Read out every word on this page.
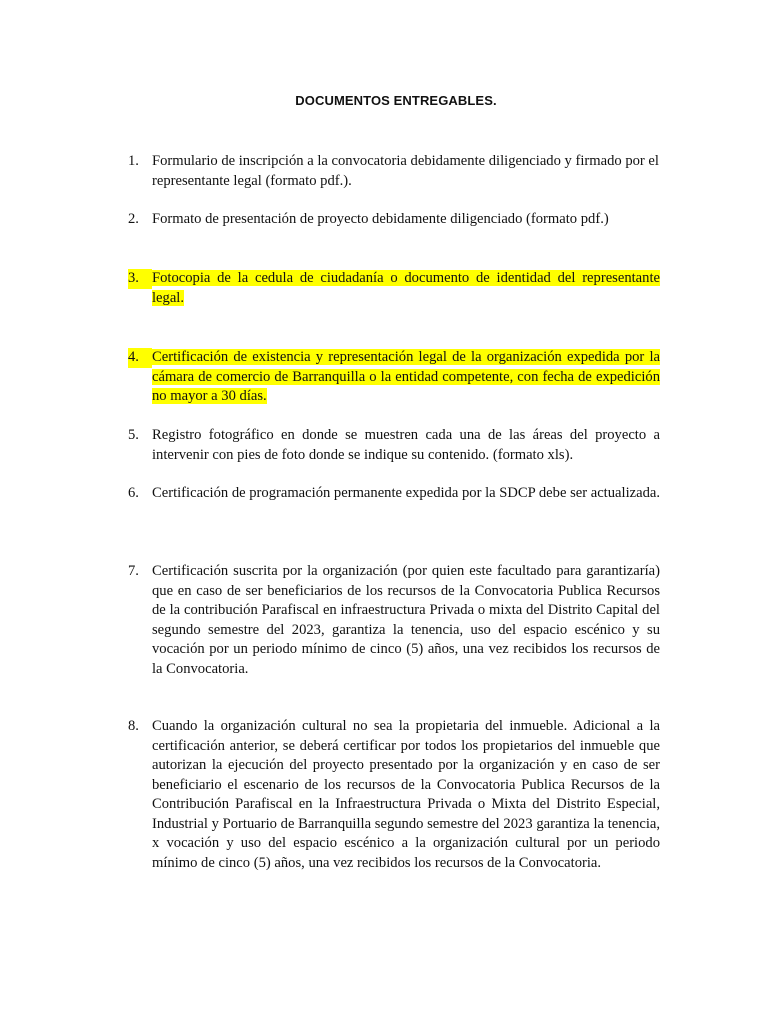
DOCUMENTOS ENTREGABLES.
1. Formulario de inscripción a la convocatoria debidamente diligenciado y firmado por el representante legal (formato pdf.).
2. Formato de presentación de proyecto debidamente diligenciado (formato pdf.)
3. Fotocopia de la cedula de ciudadanía o documento de identidad del representante legal.
4. Certificación de existencia y representación legal de la organización expedida por la cámara de comercio de Barranquilla o la entidad competente, con fecha de expedición no mayor a 30 días.
5. Registro fotográfico en donde se muestren cada una de las áreas del proyecto a intervenir con pies de foto donde se indique su contenido. (formato xls).
6. Certificación de programación permanente expedida por la SDCP debe ser actualizada.
7. Certificación suscrita por la organización (por quien este facultado para garantizaría) que en caso de ser beneficiarios de los recursos de la Convocatoria Publica Recursos de la contribución Parafiscal en infraestructura Privada o mixta del Distrito Capital del segundo semestre del 2023, garantiza la tenencia, uso del espacio escénico y su vocación por un periodo mínimo de cinco (5) años, una vez recibidos los recursos de la Convocatoria.
8. Cuando la organización cultural no sea la propietaria del inmueble. Adicional a la certificación anterior, se deberá certificar por todos los propietarios del inmueble que autorizan la ejecución del proyecto presentado por la organización y en caso de ser beneficiario el escenario de los recursos de la Convocatoria Publica Recursos de la Contribución Parafiscal en la Infraestructura Privada o Mixta del Distrito Especial, Industrial y Portuario de Barranquilla segundo semestre del 2023 garantiza la tenencia, x vocación y uso del espacio escénico a la organización cultural por un periodo mínimo de cinco (5) años, una vez recibidos los recursos de la Convocatoria.
